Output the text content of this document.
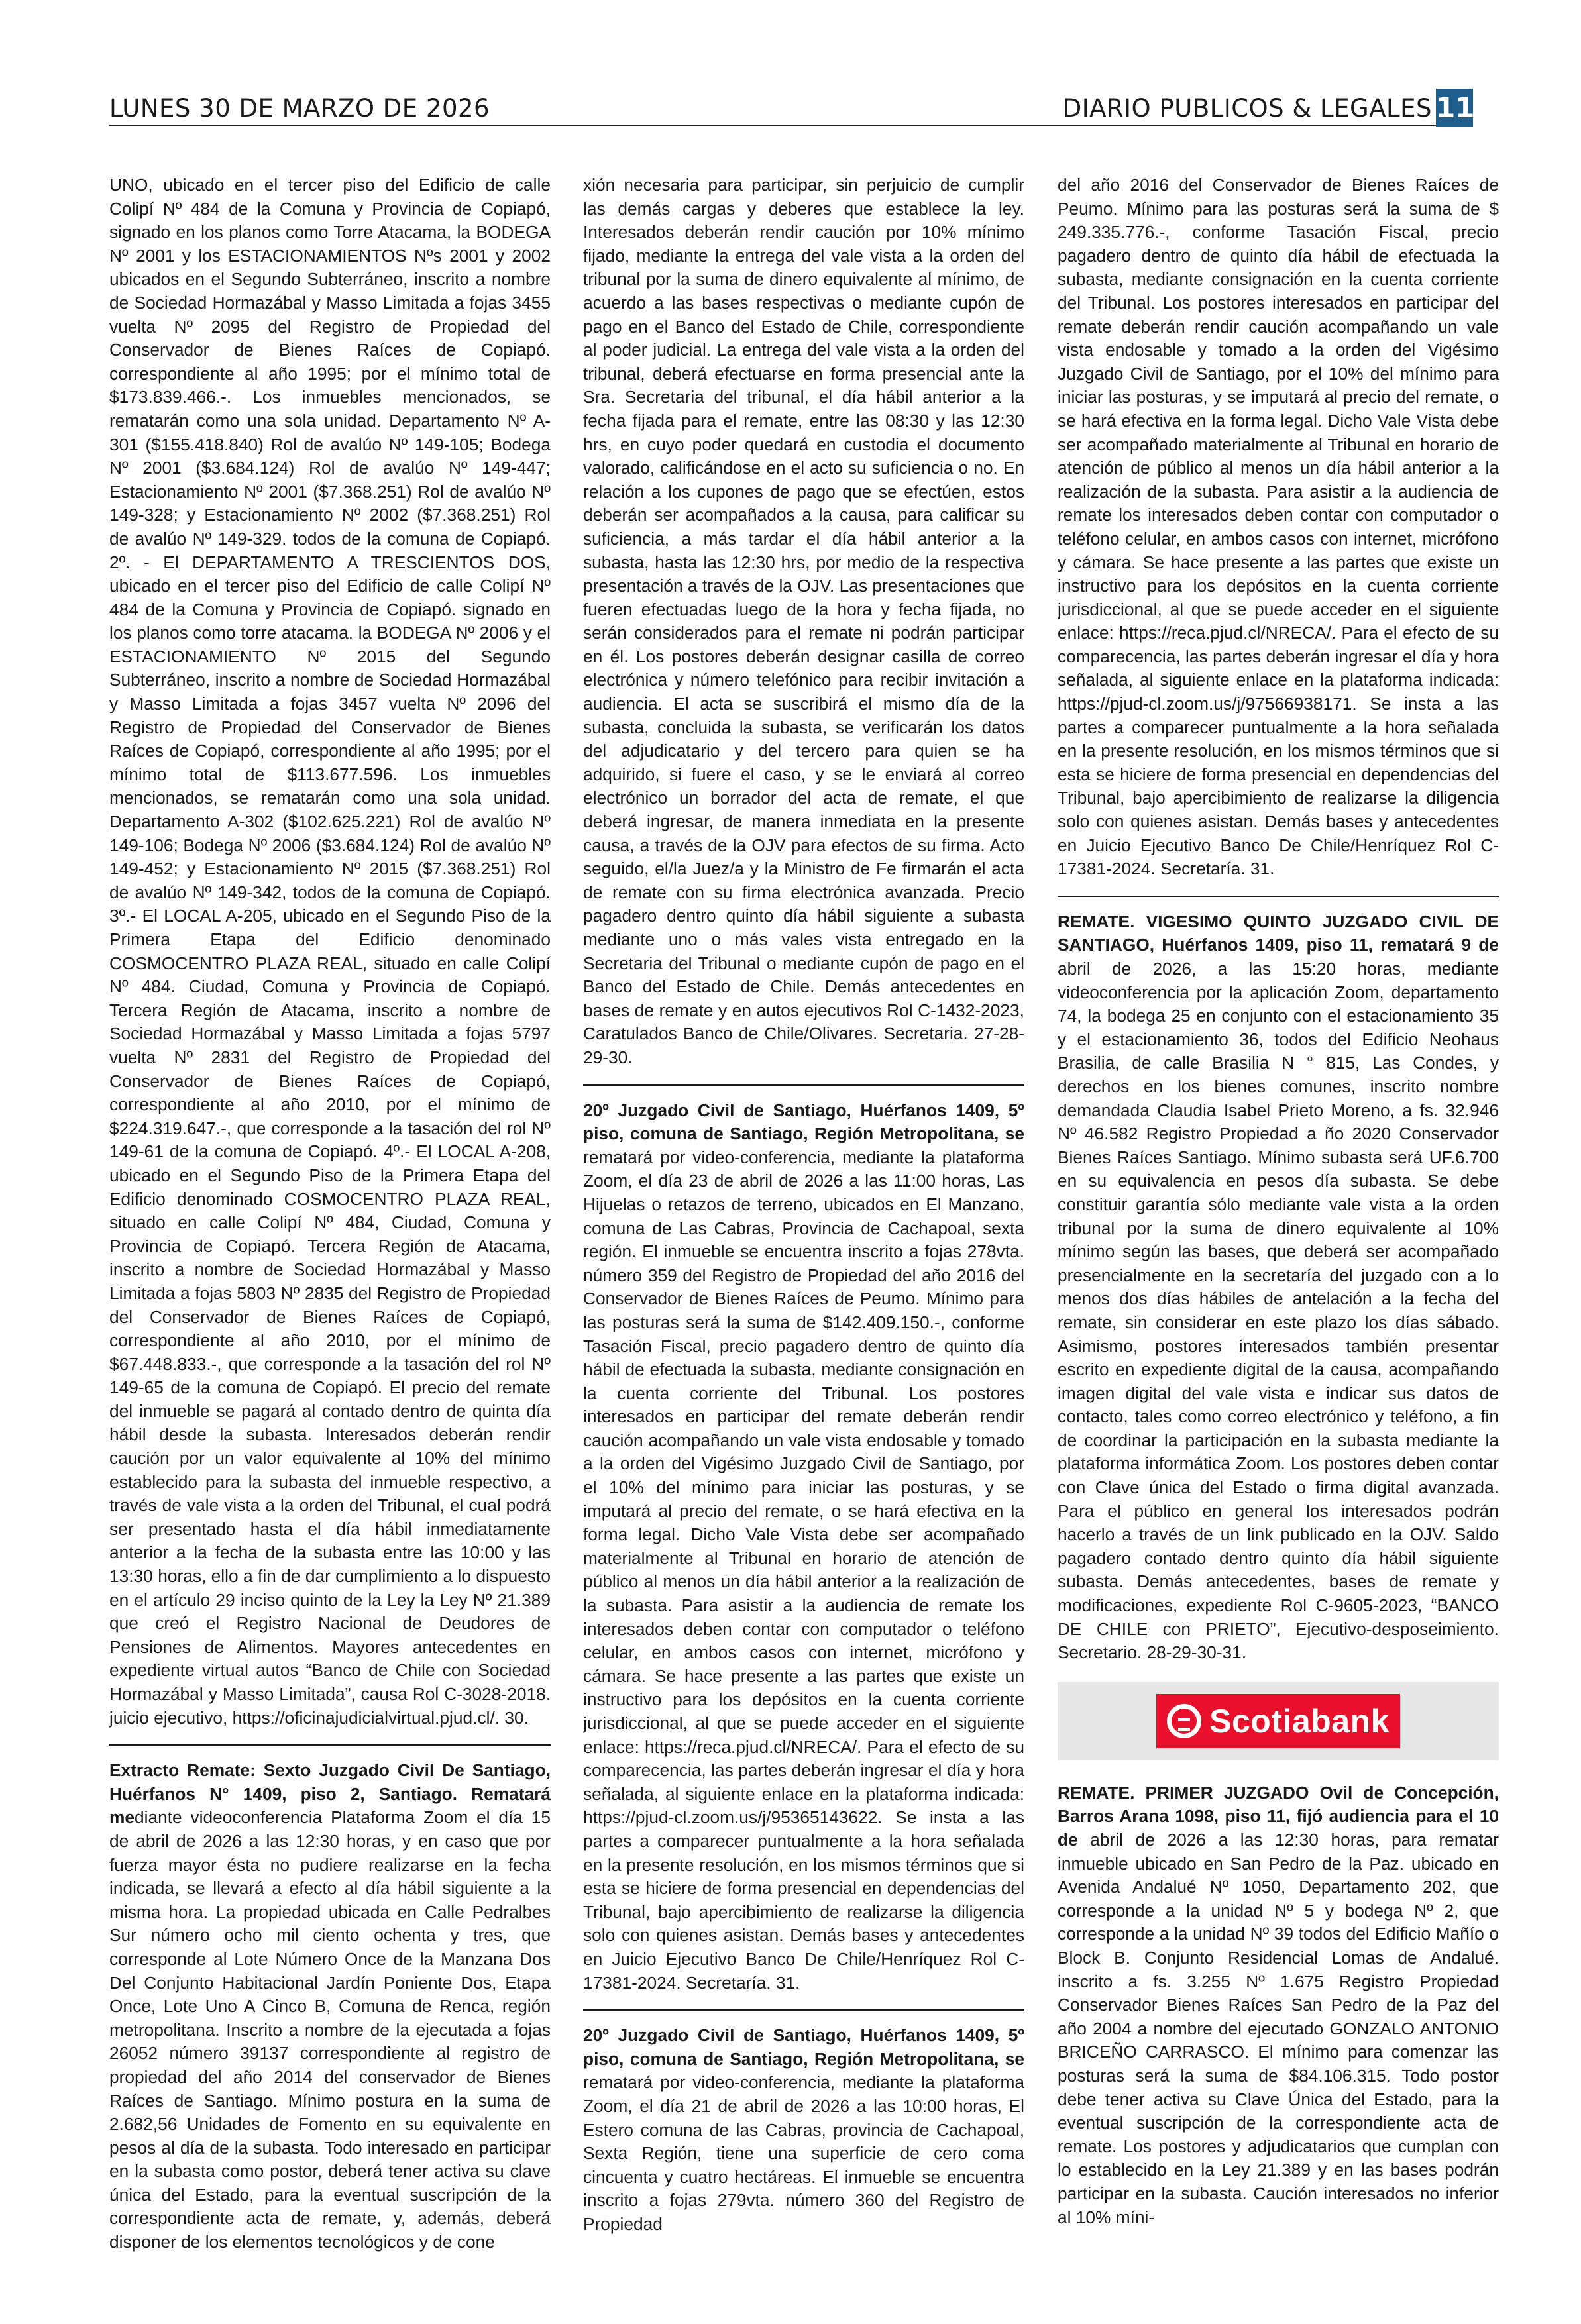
LUNES 30 DE MARZO DE 2026	DIARIO PUBLICOS & LEGALES 11

UNO, ubicado en el tercer piso del Edificio de calle Colipí Nº 484 de la Comuna y Provincia de Copiapó, signado en los planos como Torre Atacama, la BODEGA Nº 2001 y los ESTACIONAMIENTOS Nºs 2001 y 2002 ubicados en el Segundo Subterráneo, inscrito a nombre de Sociedad Hormazábal y Masso Limitada a fojas 3455 vuelta Nº 2095 del Registro de Propiedad del Conservador de Bienes Raíces de Copiapó. correspondiente al año 1995; por el mínimo total de $173.839.466.-. Los inmuebles mencionados, se rematarán como una sola unidad. Departamento Nº A-301 ($155.418.840) Rol de avalúo Nº 149-105; Bodega Nº 2001 ($3.684.124) Rol de avalúo Nº 149-447; Estacionamiento Nº 2001 ($7.368.251) Rol de avalúo Nº 149-328; y Estacionamiento Nº 2002 ($7.368.251) Rol de avalúo Nº 149-329. todos de la comuna de Copiapó. 2º. - El DEPARTAMENTO A TRESCIENTOS DOS, ubicado en el tercer piso del Edificio de calle Colipí Nº 484 de la Comuna y Provincia de Copiapó. signado en los planos como torre atacama. la BODEGA Nº 2006 y el ESTACIONAMIENTO Nº 2015 del Segundo Subterráneo, inscrito a nombre de Sociedad Hormazábal y Masso Limitada a fojas 3457 vuelta Nº 2096 del Registro de Propiedad del Conservador de Bienes Raíces de Copiapó, correspondiente al año 1995; por el mínimo total de $113.677.596. Los inmuebles mencionados, se rematarán como una sola unidad. Departamento A-302 ($102.625.221) Rol de avalúo Nº 149-106; Bodega Nº 2006 ($3.684.124) Rol de avalúo Nº 149-452; y Estacionamiento Nº 2015 ($7.368.251) Rol de avalúo Nº 149-342, todos de la comuna de Copiapó. 3º.- El LOCAL A-205, ubicado en el Segundo Piso de la Primera Etapa del Edificio denominado COSMOCENTRO PLAZA REAL, situado en calle Colipí Nº 484. Ciudad, Comuna y Provincia de Copiapó. Tercera Región de Atacama, inscrito a nombre de Sociedad Hormazábal y Masso Limitada a fojas 5797 vuelta Nº 2831 del Registro de Propiedad del Conservador de Bienes Raíces de Copiapó, correspondiente al año 2010, por el mínimo de $224.319.647.-, que corresponde a la tasación del rol Nº 149-61 de la comuna de Copiapó. 4º.- El LOCAL A-208, ubicado en el Segundo Piso de la Primera Etapa del Edificio denominado COSMOCENTRO PLAZA REAL, situado en calle Colipí Nº 484, Ciudad, Comuna y Provincia de Copiapó. Tercera Región de Atacama, inscrito a nombre de Sociedad Hormazábal y Masso Limitada a fojas 5803 Nº 2835 del Registro de Propiedad del Conservador de Bienes Raíces de Copiapó, correspondiente al año 2010, por el mínimo de $67.448.833.-, que corresponde a la tasación del rol Nº 149-65 de la comuna de Copiapó. El precio del remate del inmueble se pagará al contado dentro de quinta día hábil desde la subasta. Interesados deberán rendir caución por un valor equivalente al 10% del mínimo establecido para la subasta del inmueble respectivo, a través de vale vista a la orden del Tribunal, el cual podrá ser presentado hasta el día hábil inmediatamente anterior a la fecha de la subasta entre las 10:00 y las 13:30 horas, ello a fin de dar cumplimiento a lo dispuesto en el artículo 29 inciso quinto de la Ley la Ley Nº 21.389 que creó el Registro Nacional de Deudores de Pensiones de Alimentos. Mayores antecedentes en expediente virtual autos “Banco de Chile con Sociedad Hormazábal y Masso Limitada”, causa Rol C-3028-2018. juicio ejecutivo, https://oficinajudicialvirtual.pjud.cl/. 30.

Extracto Remate: Sexto Juzgado Civil De Santiago, Huérfanos N° 1409, piso 2, Santiago. Rematará mediante videoconferencia Plataforma Zoom el día 15 de abril de 2026 a las 12:30 horas, y en caso que por fuerza mayor ésta no pudiere realizarse en la fecha indicada, se llevará a efecto al día hábil siguiente a la misma hora. La propiedad ubicada en Calle Pedralbes Sur número ocho mil ciento ochenta y tres, que corresponde al Lote Número Once de la Manzana Dos Del Conjunto Habitacional Jardín Poniente Dos, Etapa Once, Lote Uno A Cinco B, Comuna de Renca, región metropolitana. Inscrito a nombre de la ejecutada a fojas 26052 número 39137 correspondiente al registro de propiedad del año 2014 del conservador de Bienes Raíces de Santiago. Mínimo postura en la suma de 2.682,56 Unidades de Fomento en su equivalente en pesos al día de la subasta. Todo interesado en participar en la subasta como postor, deberá tener activa su clave única del Estado, para la eventual suscripción de la correspondiente acta de remate, y, además, deberá disponer de los elementos tecnológicos y de cone

xión necesaria para participar, sin perjuicio de cumplir las demás cargas y deberes que establece la ley. Interesados deberán rendir caución por 10% mínimo fijado, mediante la entrega del vale vista a la orden del tribunal por la suma de dinero equivalente al mínimo, de acuerdo a las bases respectivas o mediante cupón de pago en el Banco del Estado de Chile, correspondiente al poder judicial. La entrega del vale vista a la orden del tribunal, deberá efectuarse en forma presencial ante la Sra. Secretaria del tribunal, el día hábil anterior a la fecha fijada para el remate, entre las 08:30 y las 12:30 hrs, en cuyo poder quedará en custodia el documento valorado, calificándose en el acto su suficiencia o no. En relación a los cupones de pago que se efectúen, estos deberán ser acompañados a la causa, para calificar su suficiencia, a más tardar el día hábil anterior a la subasta, hasta las 12:30 hrs, por medio de la respectiva presentación a través de la OJV. Las presentaciones que fueren efectuadas luego de la hora y fecha fijada, no serán considerados para el remate ni podrán participar en él. Los postores deberán designar casilla de correo electrónica y número telefónico para recibir invitación a audiencia. El acta se suscribirá el mismo día de la subasta, concluida la subasta, se verificarán los datos del adjudicatario y del tercero para quien se ha adquirido, si fuere el caso, y se le enviará al correo electrónico un borrador del acta de remate, el que deberá ingresar, de manera inmediata en la presente causa, a través de la OJV para efectos de su firma. Acto seguido, el/la Juez/a y la Ministro de Fe firmarán el acta de remate con su firma electrónica avanzada. Precio pagadero dentro quinto día hábil siguiente a subasta mediante uno o más vales vista entregado en la Secretaria del Tribunal o mediante cupón de pago en el Banco del Estado de Chile. Demás antecedentes en bases de remate y en autos ejecutivos Rol C-1432-2023, Caratulados Banco de Chile/Olivares. Secretaria. 27-28-29-30.

20º Juzgado Civil de Santiago, Huérfanos 1409, 5º piso, comuna de Santiago, Región Metropolitana, se rematará por video-conferencia, mediante la plataforma Zoom, el día 23 de abril de 2026 a las 11:00 horas, Las Hijuelas o retazos de terreno, ubicados en El Manzano, comuna de Las Cabras, Provincia de Cachapoal, sexta región. El inmueble se encuentra inscrito a fojas 278vta. número 359 del Registro de Propiedad del año 2016 del Conservador de Bienes Raíces de Peumo. Mínimo para las posturas será la suma de $142.409.150.-, conforme Tasación Fiscal, precio pagadero dentro de quinto día hábil de efectuada la subasta, mediante consignación en la cuenta corriente del Tribunal. Los postores interesados en participar del remate deberán rendir caución acompañando un vale vista endosable y tomado a la orden del Vigésimo Juzgado Civil de Santiago, por el 10% del mínimo para iniciar las posturas, y se imputará al precio del remate, o se hará efectiva en la forma legal. Dicho Vale Vista debe ser acompañado materialmente al Tribunal en horario de atención de público al menos un día hábil anterior a la realización de la subasta. Para asistir a la audiencia de remate los interesados deben contar con computador o teléfono celular, en ambos casos con internet, micrófono y cámara. Se hace presente a las partes que existe un instructivo para los depósitos en la cuenta corriente jurisdiccional, al que se puede acceder en el siguiente enlace: https://reca.pjud.cl/NRECA/. Para el efecto de su comparecencia, las partes deberán ingresar el día y hora señalada, al siguiente enlace en la plataforma indicada: https://pjud-cl.zoom.us/j/95365143622. Se insta a las partes a comparecer puntualmente a la hora señalada en la presente resolución, en los mismos términos que si esta se hiciere de forma presencial en dependencias del Tribunal, bajo apercibimiento de realizarse la diligencia solo con quienes asistan. Demás bases y antecedentes en Juicio Ejecutivo Banco De Chile/Henríquez Rol C-17381-2024. Secretaría. 31.

20º Juzgado Civil de Santiago, Huérfanos 1409, 5º piso, comuna de Santiago, Región Metropolitana, se rematará por video-conferencia, mediante la plataforma Zoom, el día 21 de abril de 2026 a las 10:00 horas, El Estero comuna de las Cabras, provincia de Cachapoal, Sexta Región, tiene una superficie de cero coma cincuenta y cuatro hectáreas. El inmueble se encuentra inscrito a fojas 279vta. número 360 del Registro de Propiedad

del año 2016 del Conservador de Bienes Raíces de Peumo. Mínimo para las posturas será la suma de $ 249.335.776.-, conforme Tasación Fiscal, precio pagadero dentro de quinto día hábil de efectuada la subasta, mediante consignación en la cuenta corriente del Tribunal. Los postores interesados en participar del remate deberán rendir caución acompañando un vale vista endosable y tomado a la orden del Vigésimo Juzgado Civil de Santiago, por el 10% del mínimo para iniciar las posturas, y se imputará al precio del remate, o se hará efectiva en la forma legal. Dicho Vale Vista debe ser acompañado materialmente al Tribunal en horario de atención de público al menos un día hábil anterior a la realización de la subasta. Para asistir a la audiencia de remate los interesados deben contar con computador o teléfono celular, en ambos casos con internet, micrófono y cámara. Se hace presente a las partes que existe un instructivo para los depósitos en la cuenta corriente jurisdiccional, al que se puede acceder en el siguiente enlace: https://reca.pjud.cl/NRECA/. Para el efecto de su comparecencia, las partes deberán ingresar el día y hora señalada, al siguiente enlace en la plataforma indicada: https://pjud-cl.zoom.us/j/97566938171. Se insta a las partes a comparecer puntualmente a la hora señalada en la presente resolución, en los mismos términos que si esta se hiciere de forma presencial en dependencias del Tribunal, bajo apercibimiento de realizarse la diligencia solo con quienes asistan. Demás bases y antecedentes en Juicio Ejecutivo Banco De Chile/Henríquez Rol C-17381-2024. Secretaría. 31.

REMATE. VIGESIMO QUINTO JUZGADO CIVIL DE SANTIAGO, Huérfanos 1409, piso 11, rematará 9 de abril de 2026, a las 15:20 horas, mediante videoconferencia por la aplicación Zoom, departamento 74, la bodega 25 en conjunto con el estacionamiento 35 y el estacionamiento 36, todos del Edificio Neohaus Brasilia, de calle Brasilia N ° 815, Las Condes, y derechos en los bienes comunes, inscrito nombre demandada Claudia Isabel Prieto Moreno, a fs. 32.946 Nº 46.582 Registro Propiedad a ño 2020 Conservador Bienes Raíces Santiago. Mínimo subasta será UF.6.700 en su equivalencia en pesos día subasta. Se debe constituir garantía sólo mediante vale vista a la orden tribunal por la suma de dinero equivalente al 10% mínimo según las bases, que deberá ser acompañado presencialmente en la secretaría del juzgado con a lo menos dos días hábiles de antelación a la fecha del remate, sin considerar en este plazo los días sábado. Asimismo, postores interesados también presentar escrito en expediente digital de la causa, acompañando imagen digital del vale vista e indicar sus datos de contacto, tales como correo electrónico y teléfono, a fin de coordinar la participación en la subasta mediante la plataforma informática Zoom. Los postores deben contar con Clave única del Estado o firma digital avanzada. Para el público en general los interesados podrán hacerlo a través de un link publicado en la OJV. Saldo pagadero contado dentro quinto día hábil siguiente subasta. Demás antecedentes, bases de remate y modificaciones, expediente Rol C-9605-2023, “BANCO DE CHILE con PRIETO”, Ejecutivo-desposeimiento. Secretario. 28-29-30-31.

Scotiabank

REMATE. PRIMER JUZGADO Ovil de Concepción, Barros Arana 1098, piso 11, fijó audiencia para el 10 de abril de 2026 a las 12:30 horas, para rematar inmueble ubicado en San Pedro de la Paz. ubicado en Avenida Andalué Nº 1050, Departamento 202, que corresponde a la unidad Nº 5 y bodega Nº 2, que corresponde a la unidad Nº 39 todos del Edificio Mañío o Block B. Conjunto Residencial Lomas de Andalué. inscrito a fs. 3.255 Nº 1.675 Registro Propiedad Conservador Bienes Raíces San Pedro de la Paz del año 2004 a nombre del ejecutado GONZALO ANTONIO BRICEÑO CARRASCO. El mínimo para comenzar las posturas será la suma de $84.106.315. Todo postor debe tener activa su Clave Única del Estado, para la eventual suscripción de la correspondiente acta de remate. Los postores y adjudicatarios que cumplan con lo establecido en la Ley 21.389 y en las bases podrán participar en la subasta. Caución interesados no inferior al 10% míni-
